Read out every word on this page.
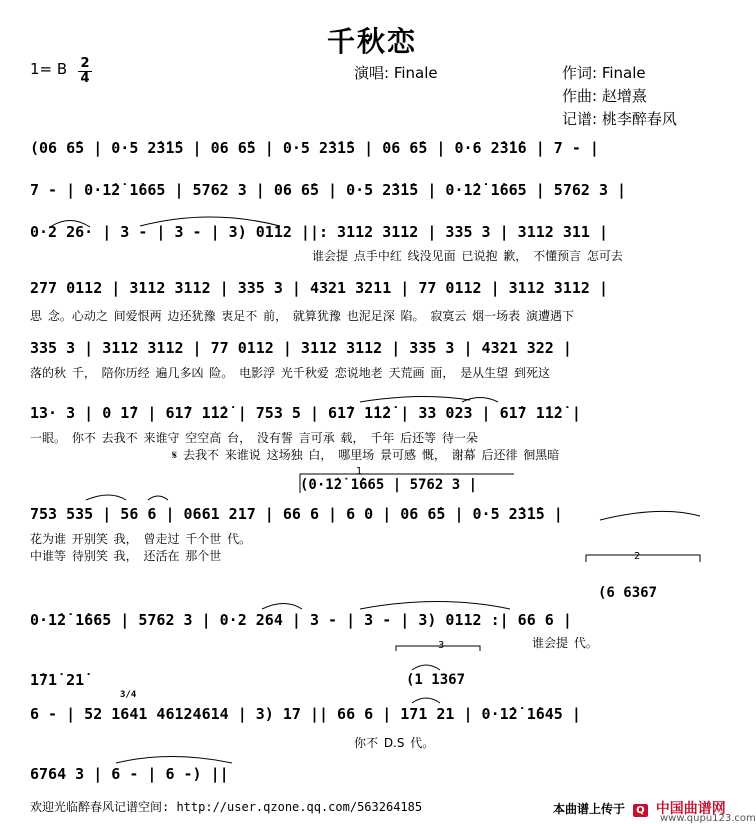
千秋恋
1= B 2
4	演唱: Finale	作词: Finale
作曲: 赵增熹
记谱: 桃李醉春风
(06 6̇5 | 0·5 2̇3̇1̇5 | 06 6̇5 | 0·5 2̇3̇1̇5 | 06 6̇5 | 0·6 2̇3̇1̇6 | 7 - |
7 - | 0·1̇2̇ 1̇665 | 5762 3 | 06 6̇5 | 0·5 2̇3̇1̇5 | 0·1̇2̇ 1̇665 | 5762 3 |
0·2 26· | 3 - | 3 - | 3) 0112 ||: 3112 3112 | 335 3 | 3112 311 |
谁会提 点手中红 线没见面 已说抱 歉， 不懂预言 怎可去
277 0112 | 3112 3112 | 335 3 | 4321 3211 | 77 0112 | 3112 3112 |
思 念。心动之 间爱恨两 边还犹豫 衷足不 前， 就算犹豫 也泥足深 陷。 寂寞云 烟一场表 演遭遇下
335 3 | 3112 3112 | 77 0112 | 3112 3112 | 335 3 | 4321 322 |
落的秋 千， 陪你历经 遍几多凶 险。 电影浮 光千秋爱 恋说地老 天荒画 面， 是从生望 到死这
13· 3 | 0 1̇7 | 61̇7 1̇1̇2̇ | 753 5 | 61̇7 1̇1̇2̇ | 33 023 | 61̇7 1̇1̇2̇ |
一眼。 你不 去我不 来谁守 空空高 台， 没有誓 言可承 载， 千年 后还等 待一朵
𝄋 去我不 来谁说 这场独 白， 哪里场 景可感 慨， 谢幕 后还徘 徊黑暗
(0·1̇2̇ 1̇665 | 5762 3 |
753 535 | 56 6 | 0661 217 | 66 6 | 6 0 | 06 6̇5 | 0·5 2̇3̇1̇5 |
花为谁 开别笑 我， 曾走过 千个世 代。
中谁等 待别笑 我， 还活在 那个世
(6 6367
0·1̇2̇ 1̇665 | 5762 3 | 0·2 264 | 3 - | 3 - | 3) 0112 :| 66 6 |
谁会提 代。
(1 1367
1̇71̇ 21̇
3/4
6 - | 52 1641 46124614 | 3) 17 || 66 6 | 171 21 | 0·1̇2̇ 1̇645 |
你不 D.S 代。
6764 3 | 6 - | 6 -) ||
1
2
3
欢迎光临醉春风记谱空间: http://user.qzone.qq.com/563264185	本曲谱上传于 Q 中国曲谱网
www.qupu123.com
